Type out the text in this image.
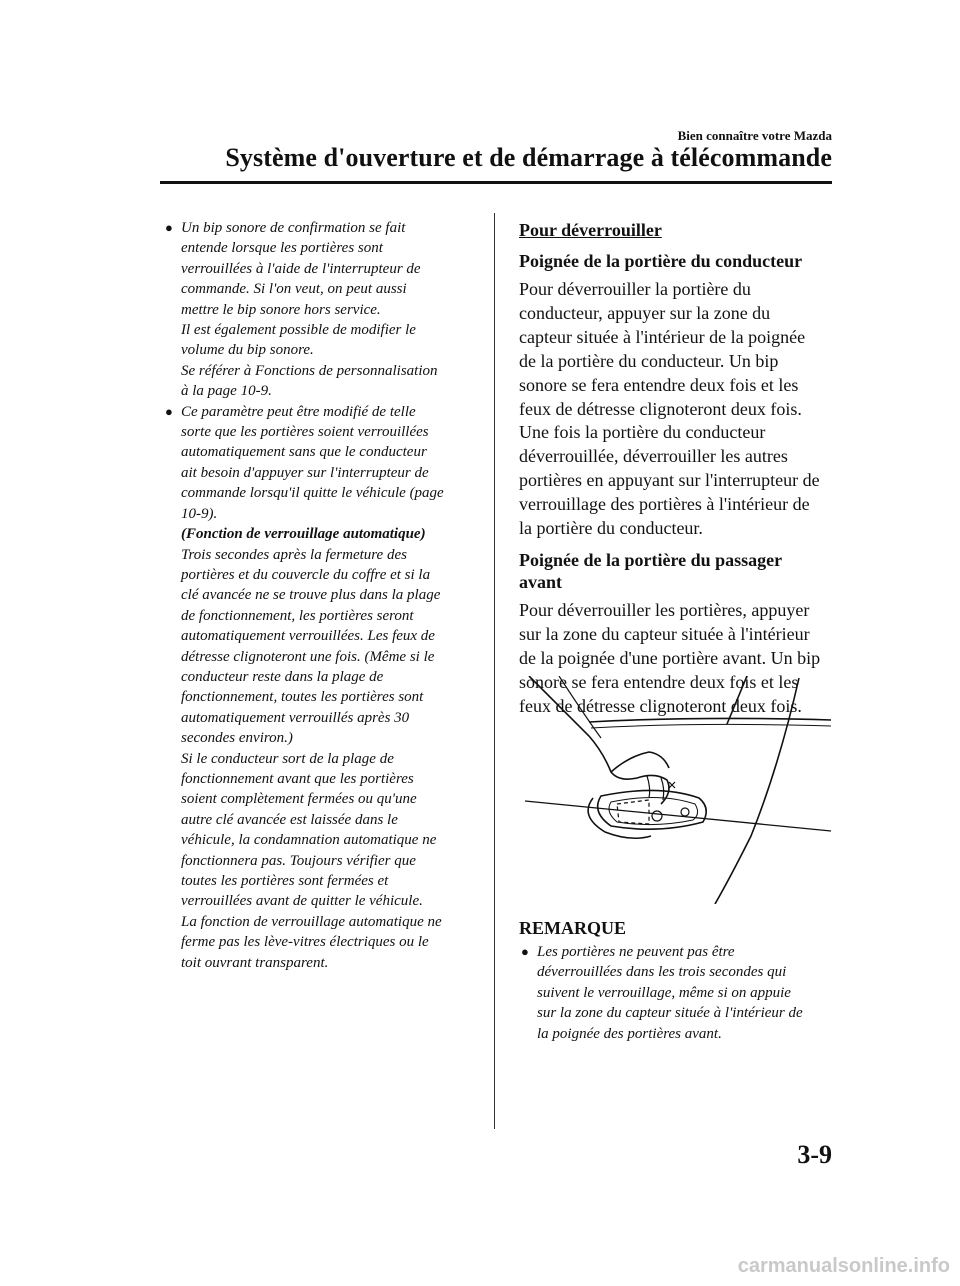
Bien connaître votre Mazda
Système d'ouverture et de démarrage à télécommande
● Un bip sonore de confirmation se fait
entende lorsque les portières sont
verrouillées à l'aide de l'interrupteur de
commande. Si l'on veut, on peut aussi
mettre le bip sonore hors service.
Il est également possible de modifier le
volume du bip sonore.
Se référer à Fonctions de personnalisation
à la page 10-9.
● Ce paramètre peut être modifié de telle
sorte que les portières soient verrouillées
automatiquement sans que le conducteur
ait besoin d'appuyer sur l'interrupteur de
commande lorsqu'il quitte le véhicule (page
10-9).
(Fonction de verrouillage automatique)
Trois secondes après la fermeture des
portières et du couvercle du coffre et si la
clé avancée ne se trouve plus dans la plage
de fonctionnement, les portières seront
automatiquement verrouillées. Les feux de
détresse clignoteront une fois. (Même si le
conducteur reste dans la plage de
fonctionnement, toutes les portières sont
automatiquement verrouillés après 30
secondes environ.)
Si le conducteur sort de la plage de
fonctionnement avant que les portières
soient complètement fermées ou qu'une
autre clé avancée est laissée dans le
véhicule, la condamnation automatique ne
fonctionnera pas. Toujours vérifier que
toutes les portières sont fermées et
verrouillées avant de quitter le véhicule.
La fonction de verrouillage automatique ne
ferme pas les lève-vitres électriques ou le
toit ouvrant transparent.
Pour déverrouiller
Poignée de la portière du conducteur
Pour déverrouiller la portière du
conducteur, appuyer sur la zone du
capteur située à l'intérieur de la poignée
de la portière du conducteur. Un bip
sonore se fera entendre deux fois et les
feux de détresse clignoteront deux fois.
Une fois la portière du conducteur
déverrouillée, déverrouiller les autres
portières en appuyant sur l'interrupteur de
verrouillage des portières à l'intérieur de
la portière du conducteur.
Poignée de la portière du passager
avant
Pour déverrouiller les portières, appuyer
sur la zone du capteur située à l'intérieur
de la poignée d'une portière avant. Un bip
sonore se fera entendre deux fois et les
feux de détresse clignoteront deux fois.
REMARQUE
● Les portières ne peuvent pas être
déverrouillées dans les trois secondes qui
suivent le verrouillage, même si on appuie
sur la zone du capteur située à l'intérieur de
la poignée des portières avant.
3-9
carmanualsonline.info
